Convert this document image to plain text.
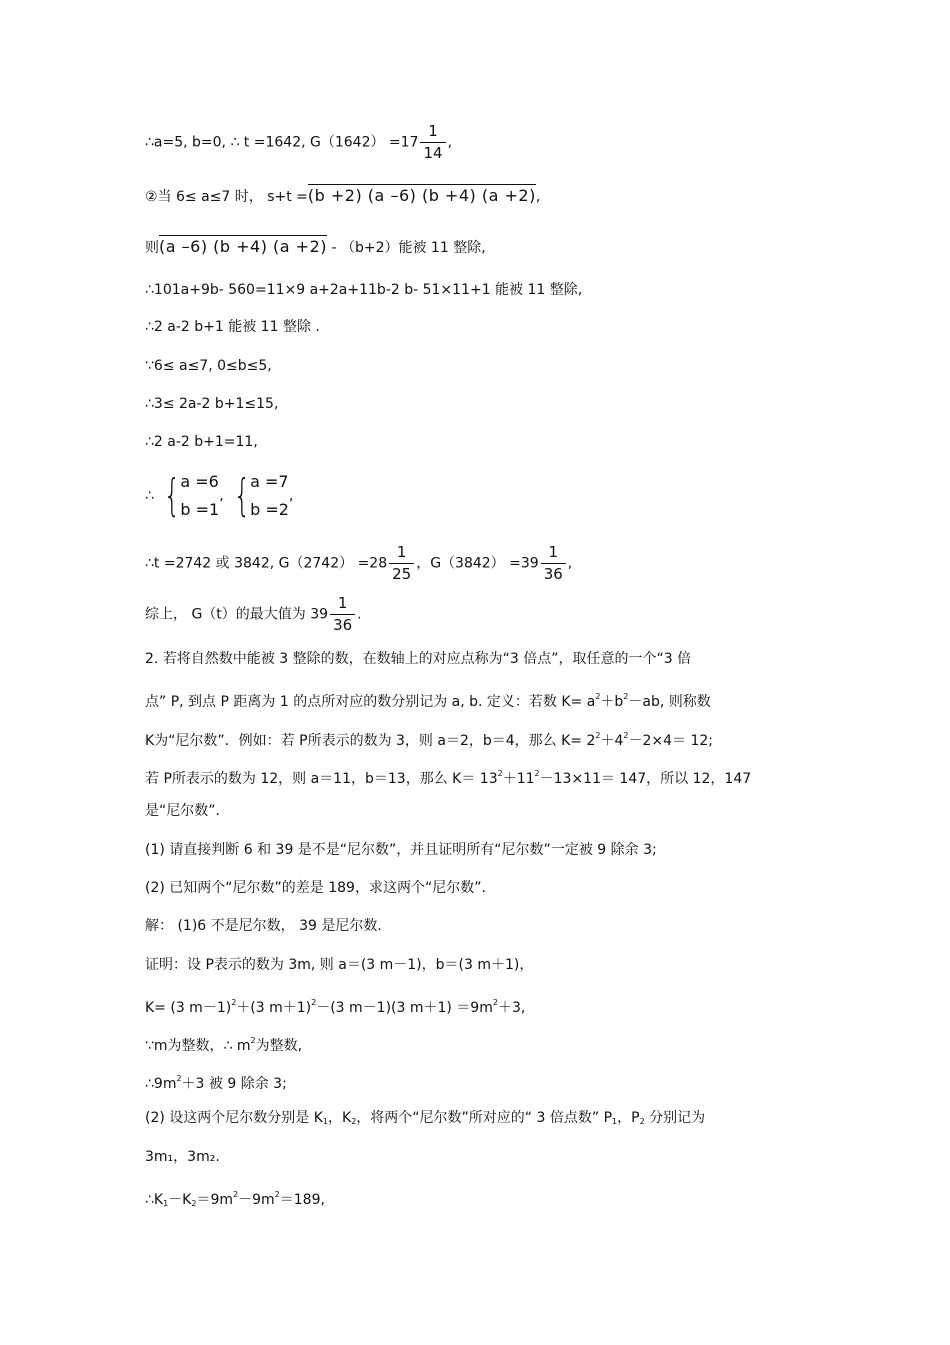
∴a=5, b=0, ∴ t =1642, $G(1642) =17 \frac{1}{14}$ ,
②当 6≤ a≤7 时， s+t =(b +2) (a –6) (b +4) (a +2),
则(a –6) (b +4) (a +2) - （b+2）能被 11 整除,
∴101a+9b- 560=11×9 a+2a+11b-2 b- 51×11+1 能被 11 整除,
∴2 a-2 b+1 能被 11 整除 .
∵6≤ a≤7, 0≤b≤5,
∴3≤ 2a-2 b+1≤15,
∴2 a-2 b+1=11,
∴ { a =6
b =1
, { a =7
b =2
,
∴t =2742 或 3842, $G(2742) =28 \frac{1}{25}$ ，$G(3842) =39 \frac{1}{36}$ ,
综上， G（t）的最大值为 $39 \frac{1}{36}$ .
2. 若将自然数中能被 3 整除的数，在数轴上的对应点称为“3 倍点”，取任意的一个“3 倍
点” P, 到点 P 距离为 1 的点所对应的数分别记为 a, b. 定义：若数 $K= a^2+b^2-ab$, 则称数
K为“尼尔数”．例如：若 P所表示的数为 3，则 a＝2，b＝4，那么 $K= 2^2+4^2-2\times 4= 12$;
若 P所表示的数为 12，则 a＝11，b＝13，那么 $K= 13^2+11^2-13\times 11= 147$，所以 12，147
是“尼尔数”．
(1) 请直接判断 6 和 39 是不是“尼尔数”，并且证明所有“尼尔数”一定被 9 除余 3;
(2) 已知两个“尼尔数”的差是 189，求这两个“尼尔数”．
解： (1)6 不是尼尔数， 39 是尼尔数.
证明：设 P表示的数为 3m, 则 a＝(3 m－1)，b＝(3 m＋1)，
K= (3 m－1)$^2$＋(3 m＋1)$^2$－(3 m－1)(3 $m+1) =9m^2+3$,
∵m为整数，∴ $m^2$为整数,
$\therefore 9m^2+3$ 被 9 除余 3;
(2) 设这两个尼尔数分别是 $K_1$，$K_2$，将两个“尼尔数”所对应的“ 3 倍点数” $P_1$，$P_2$ 分别记为
3m₁，3m₂.
$\therefore K_1-K_2=9m^2-9m^2=189$,
